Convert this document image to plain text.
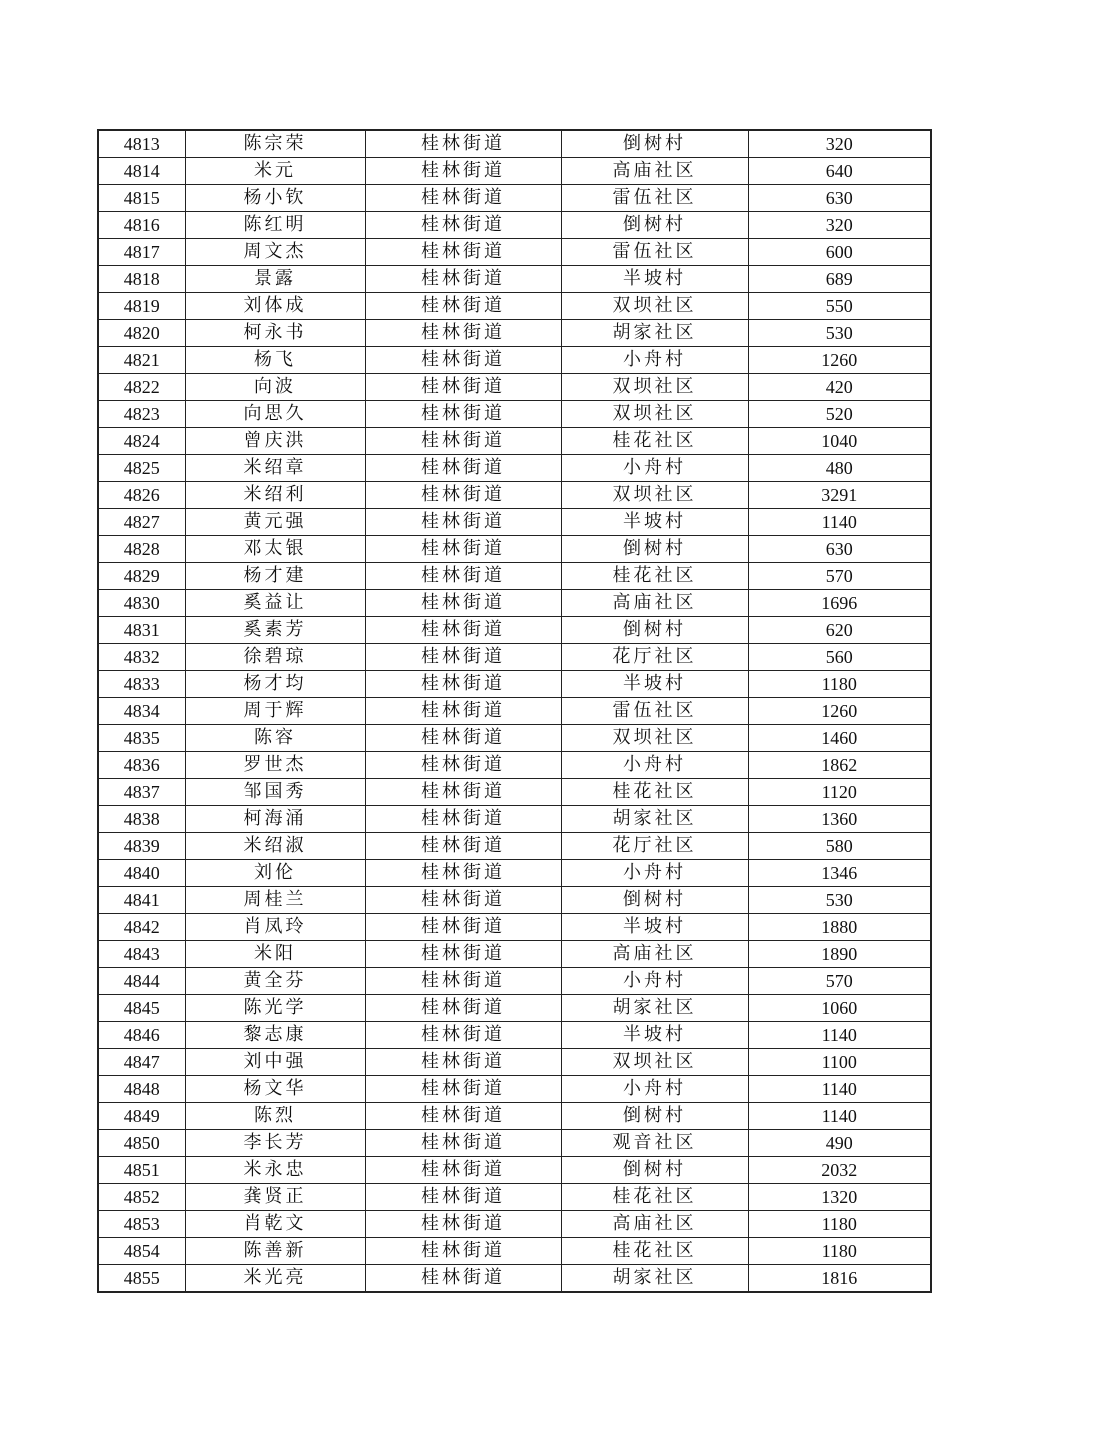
4813	陈宗荣	桂林街道	倒树村	320
4814	米元	桂林街道	高庙社区	640
4815	杨小钦	桂林街道	雷伍社区	630
4816	陈红明	桂林街道	倒树村	320
4817	周文杰	桂林街道	雷伍社区	600
4818	景露	桂林街道	半坡村	689
4819	刘体成	桂林街道	双坝社区	550
4820	柯永书	桂林街道	胡家社区	530
4821	杨飞	桂林街道	小舟村	1260
4822	向波	桂林街道	双坝社区	420
4823	向思久	桂林街道	双坝社区	520
4824	曾庆洪	桂林街道	桂花社区	1040
4825	米绍章	桂林街道	小舟村	480
4826	米绍利	桂林街道	双坝社区	3291
4827	黄元强	桂林街道	半坡村	1140
4828	邓太银	桂林街道	倒树村	630
4829	杨才建	桂林街道	桂花社区	570
4830	奚益让	桂林街道	高庙社区	1696
4831	奚素芳	桂林街道	倒树村	620
4832	徐碧琼	桂林街道	花厅社区	560
4833	杨才均	桂林街道	半坡村	1180
4834	周于辉	桂林街道	雷伍社区	1260
4835	陈容	桂林街道	双坝社区	1460
4836	罗世杰	桂林街道	小舟村	1862
4837	邹国秀	桂林街道	桂花社区	1120
4838	柯海涌	桂林街道	胡家社区	1360
4839	米绍淑	桂林街道	花厅社区	580
4840	刘伦	桂林街道	小舟村	1346
4841	周桂兰	桂林街道	倒树村	530
4842	肖凤玲	桂林街道	半坡村	1880
4843	米阳	桂林街道	高庙社区	1890
4844	黄全芬	桂林街道	小舟村	570
4845	陈光学	桂林街道	胡家社区	1060
4846	黎志康	桂林街道	半坡村	1140
4847	刘中强	桂林街道	双坝社区	1100
4848	杨文华	桂林街道	小舟村	1140
4849	陈烈	桂林街道	倒树村	1140
4850	李长芳	桂林街道	观音社区	490
4851	米永忠	桂林街道	倒树村	2032
4852	龚贤正	桂林街道	桂花社区	1320
4853	肖乾文	桂林街道	高庙社区	1180
4854	陈善新	桂林街道	桂花社区	1180
4855	米光亮	桂林街道	胡家社区	1816
